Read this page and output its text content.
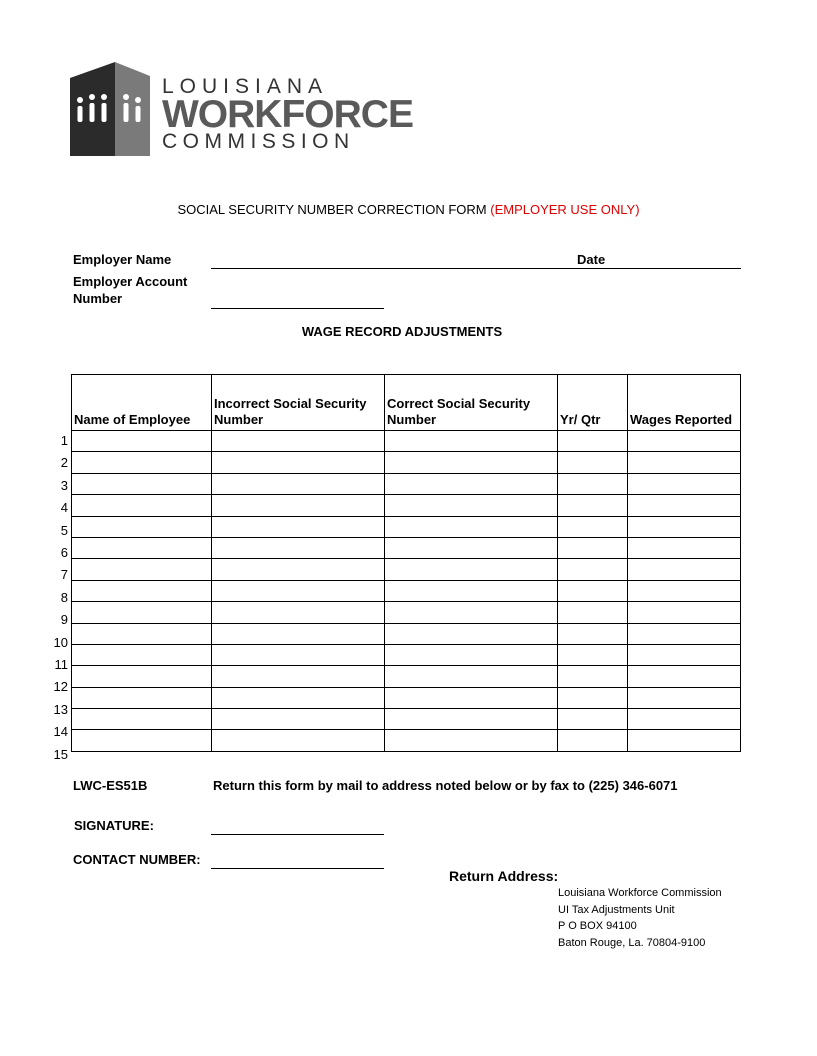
LOUISIANA
WORKFORCE
COMMISSION
SOCIAL SECURITY NUMBER CORRECTION FORM (EMPLOYER USE ONLY)
Employer Name	Date
Employer Account
Number
WAGE RECORD ADJUSTMENTS
Name of Employee	Incorrect Social Security Number	Correct Social Security Number	Yr/ Qtr	Wages Reported

1
2
3
4
5
6
7
8
9
10
11
12
13
14
15
LWC-ES51B	Return this form by mail to address noted below or by fax to (225) 346-6071
SIGNATURE:
CONTACT NUMBER:
Return Address:
Louisiana Workforce Commission
UI Tax Adjustments Unit
P O BOX 94100
Baton Rouge, La. 70804-9100
